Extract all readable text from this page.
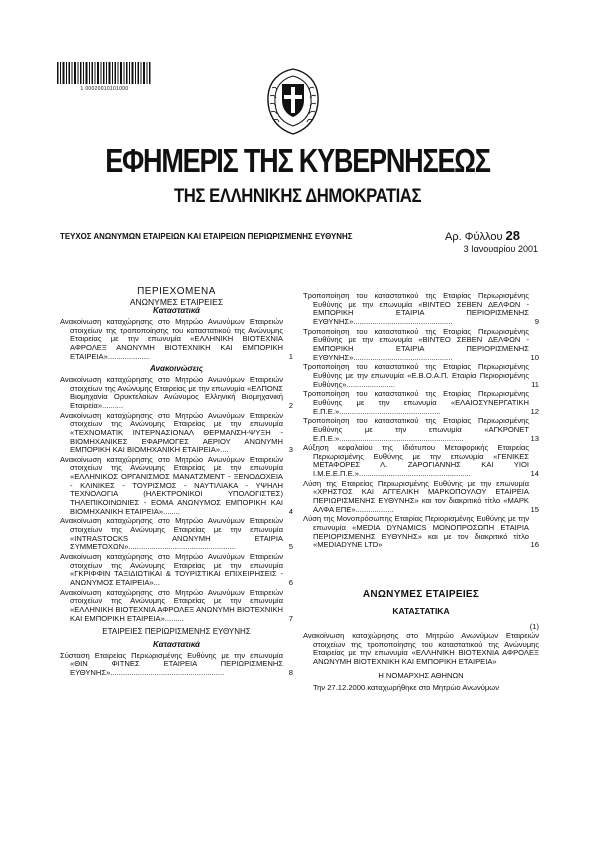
1 00020010101000
ΕΦΗΜΕΡΙΣ ΤΗΣ ΚΥΒΕΡΝΗΣΕΩΣ
ΤΗΣ ΕΛΛΗΝΙΚΗΣ ΔΗΜΟΚΡΑΤΙΑΣ
ΤΕΥΧΟΣ ΑΝΩΝΥΜΩΝ ΕΤΑΙΡΕΙΩΝ ΚΑΙ ΕΤΑΙΡΕΙΩΝ ΠΕΡΙΩΡΙΣΜΕΝΗΣ ΕΥΘΥΝΗΣ	Αρ. Φύλλου 28
3 Ιανουαρίου 2001
ΠΕΡΙΕΧΟΜΕΝΑ
ΑΝΩΝΥΜΕΣ ΕΤΑΙΡΕΙΕΣ
Καταστατικά
Ανακοίνωση καταχώρησης στο Μητρώο Ανωνύμων Εταιρειών στοιχείων της τροποποίησης του καταστατικού της Ανώνυμης Εταιρείας με την επωνυμία «ΕΛΛΗΝΙΚΗ ΒΙΟΤΕΧΝΙΑ ΑΦΡΟΛΕΞ ΑΝΩΝΥΜΗ ΒΙΟΤΕΧΝΙΚΗ ΚΑΙ ΕΜΠΟΡΙΚΗ ΕΤΑΙΡΕΙΑ»....................	1
Ανακοινώσεις
Ανακοίνωση καταχώρησης στο Μητρώο Ανωνύμων Εταιρειών στοιχείων της Ανώνυμης Εταιρείας με την επωνυμία «ΕΛΠΟΝΣ Βιομηχανία Ορυκτελαίων Ανώνυμος Ελληνική Βιομηχανική Εταιρεία»..........	2
Ανακοίνωση καταχώρησης στο Μητρώο Ανωνύμων Εταιρειών στοιχείων της Ανώνυμης Εταιρείας με την επωνυμία «ΤΕΧΝΟΜΑΤΙΚ ΙΝΤΕΡΝΑΣΙΟΝΑΛ ΘΕΡΜΑΝΣΗ-ΨΥΞΗ - ΒΙΟΜΗΧΑΝΙΚΕΣ ΕΦΑΡΜΟΓΕΣ ΑΕΡΙΟΥ ΑΝΩΝΥΜΗ ΕΜΠΟΡΙΚΗ ΚΑΙ ΒΙΟΜΗΧΑΝΙΚΗ ΕΤΑΙΡΕΙΑ»....	3
Ανακοίνωση καταχώρησης στο Μητρώο Ανωνύμων Εταιρειών στοιχείων της Ανώνυμης Εταιρείας με την επωνυμία «ΕΛΛΗΝΙΚΟΣ ΟΡΓΑΝΙΣΜΟΣ ΜΑΝΑΤΖΜΕΝΤ - ΞΕΝΟΔΟΧΕΙΑ - ΚΛΙΝΙΚΕΣ - ΤΟΥΡΙΣΜΟΣ - ΝΑΥΤΙΛΙΑΚΑ - ΥΨΗΛΗ ΤΕΧΝΟΛΟΓΙΑ (ΗΛΕΚΤΡΟΝΙΚΟΙ ΥΠΟΛΟΓΙΣΤΕΣ) ΤΗΛΕΠΙΚΟΙΝΩΝΙΕΣ - ΕΟΜΑ ΑΝΩΝΥΜΟΣ ΕΜΠΟΡΙΚΗ ΚΑΙ ΒΙΟΜΗΧΑΝΙΚΗ ΕΤΑΙΡΕΙΑ»........	4
Ανακοίνωση καταχώρησης στο Μητρώο Ανωνύμων Εταιρειών στοιχείων της Ανώνυμης Εταιρείας με την επωνυμία «INTRASTOCKS ΑΝΩΝΥΜΗ ΕΤΑΙΡΙΑ ΣΥΜΜΕΤΟΧΩΝ»...................................................	5
Ανακοίνωση καταχώρησης στο Μητρώο Ανωνύμων Εταιρειών στοιχείων της Ανώνυμης Εταιρείας με την επωνυμία «ΓΚΡΙΦΦΙΝ ΤΑΞΙΔΙΩΤΙΚΑΙ & ΤΟΥΡΙΣΤΙΚΑΙ ΕΠΙΧΕΙΡΗΣΕΙΣ - ΑΝΩΝΥΜΟΣ ΕΤΑΙΡΕΙΑ»...	6
Ανακοίνωση καταχώρησης στο Μητρώο Ανωνύμων Εταιρειών στοιχείων της Ανώνυμης Εταιρείας με την επωνυμία «ΕΛΛΗΝΙΚΗ ΒΙΟΤΕΧΝΙΑ ΑΦΡΟΛΕΞ ΑΝΩΝΥΜΗ ΒΙΟΤΕΧΝΙΚΗ ΚΑΙ ΕΜΠΟΡΙΚΗ ΕΤΑΙΡΕΙΑ».........	7
ΕΤΑΙΡΕΙΕΣ ΠΕΡΙΩΡΙΣΜΕΝΗΣ ΕΥΘΥΝΗΣ
Καταστατικά
Σύσταση Εταιρείας Περιωρισμένης Ευθύνης με την επωνυμία «ΘΙΝ ΦΙΤΝΕΣ ΕΤΑΙΡΕΙΑ ΠΕΡΙΩΡΙΣΜΕΝΗΣ ΕΥΘΥΝΗΣ»......................................................	8
Τροποποίηση του καταστατικού της Εταιρίας Περιωρισμένης Ευθύνης με την επωνυμία «ΒΙΝΤΕΟ ΣΕΒΕΝ ΔΕΛΦΩΝ - ΕΜΠΟΡΙΚΗ ΕΤΑΙΡΙΑ ΠΕΡΙΟΡΙΣΜΕΝΗΣ ΕΥΘΥΝΗΣ»...............................................	9
Τροποποίηση του καταστατικού της Εταιρίας Περιωρισμένης Ευθύνης με την επωνυμία «ΒΙΝΤΕΟ ΣΕΒΕΝ ΔΕΛΦΩΝ - ΕΜΠΟΡΙΚΗ ΕΤΑΙΡΙΑ ΠΕΡΙΟΡΙΣΜΕΝΗΣ ΕΥΘΥΝΗΣ»...............................................	10
Τροποποίηση του καταστατικού της Εταιρίας Περιωρισμένης Ευθύνης με την επωνυμία «Ε.Β.Ο.Α.Π. Εταιρία Περιορισμένης Ευθύνης».......................	11
Τροποποίηση του καταστατικού της Εταιρίας Περιωρισμένης Ευθύνης με την επωνυμία «ΕΛΑΙΟΣΥΝΕΡΓΑΤΙΚΗ Ε.Π.Ε.»................................................	12
Τροποποίηση του καταστατικού της Εταιρίας Περιωρισμένης Ευθύνης με την επωνυμία «ΑΓΚΡΟΝΕΤ Ε.Π.Ε.»...........................................................	13
Αύξηση κεφαλαίου της Ιδιότυπου Μεταφορικής Εταιρείας Περιωρισμένης Ευθύνης με την επωνυμία «ΓΕΝΙΚΕΣ ΜΕΤΑΦΟΡΕΣ Λ. ΖΑΡΟΓΙΑΝΝΗΣ ΚΑΙ ΥΙΟΙ Ι.Μ.Ε.Ε.Π.Ε.».....................................................	14
Λύση της Εταιρείας Περιωρισμένης Ευθύνης με την επωνυμία «ΧΡΗΣΤΟΣ ΚΑΙ ΑΓΓΕΛΙΚΗ ΜΑΡΚΟΠΟΥΛΟΥ ΕΤΑΙΡΕΙΑ ΠΕΡΙΩΡΙΣΜΕΝΗΣ ΕΥΘΥΝΗΣ» και τον διακριτικό τίτλο «ΜΑΡΚ ΑΛΦΑ ΕΠΕ»..................	15
Λύση της Μονοπρόσωπης Εταιρίας Περιορισμένης Ευθύνης με την επωνυμία «MEDIA DYNAMICS ΜΟΝΟΠΡΟΣΩΠΗ ΕΤΑΙΡΙΑ ΠΕΡΙΟΡΙΣΜΕΝΗΣ ΕΥΘΥΝΗΣ» και με τον διακριτικό τίτλο «MEDIADYNE LTD»	16
ΑΝΩΝΥΜΕΣ ΕΤΑΙΡΕΙΕΣ
ΚΑΤΑΣΤΑΤΙΚΑ
(1)
Ανακοίνωση καταχώρησης στο Μητρώο Ανωνύμων Εταιρειών στοιχείων της τροποποίησης του καταστατικού της Ανώνυμης Εταιρείας με την επωνυμία «ΕΛΛΗΝΙΚΗ ΒΙΟΤΕΧΝΙΑ ΑΦΡΟΛΕΞ ΑΝΩΝΥΜΗ ΒΙΟΤΕΧΝΙΚΗ ΚΑΙ ΕΜΠΟΡΙΚΗ ΕΤΑΙΡΕΙΑ»
Η ΝΟΜΑΡΧΗΣ ΑΘΗΝΩΝ
Την 27.12.2000 καταχωρήθηκε στο Μητρώο Ανωνύμων
